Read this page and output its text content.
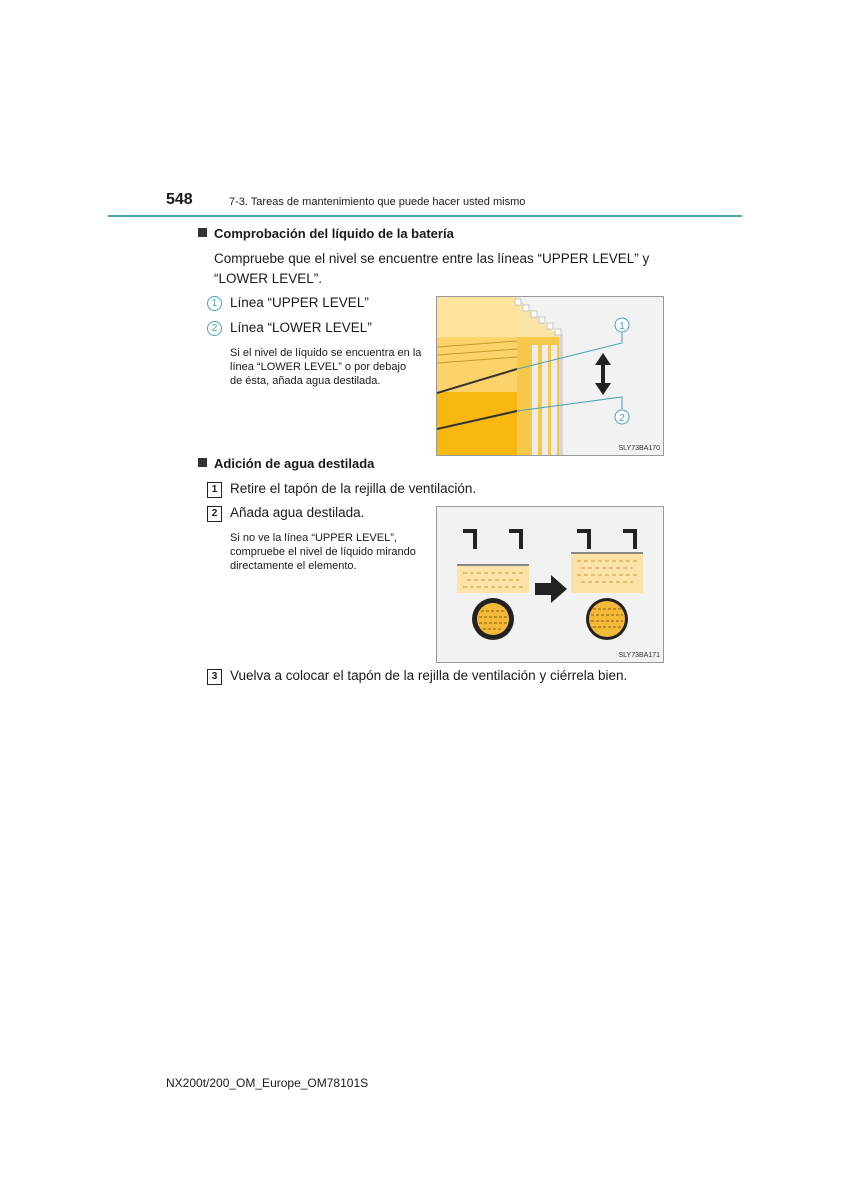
548	7-3. Tareas de mantenimiento que puede hacer usted mismo
Comprobación del líquido de la batería
Compruebe que el nivel se encuentre entre las líneas “UPPER LEVEL” y
“LOWER LEVEL”.
1 Línea “UPPER LEVEL”
2 Línea “LOWER LEVEL”
Si el nivel de líquido se encuentra en la
línea “LOWER LEVEL” o por debajo
de ésta, añada agua destilada.
1
2
SLY73BA170
Adición de agua destilada
1 Retire el tapón de la rejilla de ventilación.
2 Añada agua destilada.
Si no ve la línea “UPPER LEVEL”,
compruebe el nivel de líquido mirando
directamente el elemento.
SLY73BA171
3 Vuelva a colocar el tapón de la rejilla de ventilación y ciérrela bien.
NX200t/200_OM_Europe_OM78101S
